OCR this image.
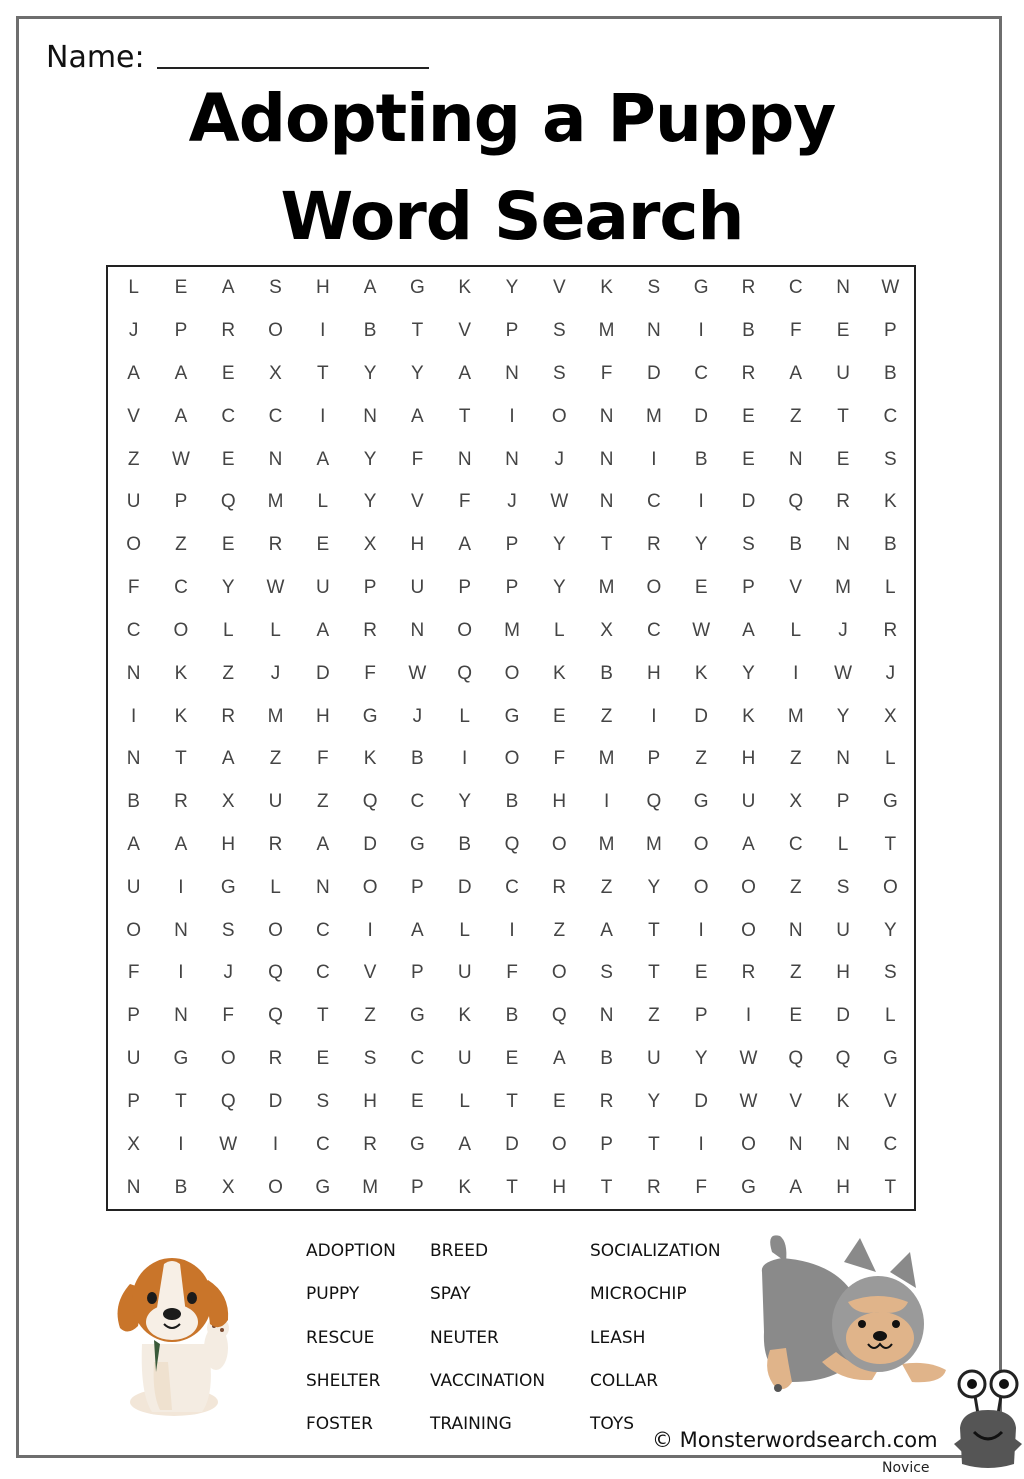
Name:
Adopting a Puppy
Word Search
L	E	A	S	H	A	G	K	Y	V	K	S	G	R	C	N	W
J	P	R	O	I	B	T	V	P	S	M	N	I	B	F	E	P
A	A	E	X	T	Y	Y	A	N	S	F	D	C	R	A	U	B
V	A	C	C	I	N	A	T	I	O	N	M	D	E	Z	T	C
Z	W	E	N	A	Y	F	N	N	J	N	I	B	E	N	E	S
U	P	Q	M	L	Y	V	F	J	W	N	C	I	D	Q	R	K
O	Z	E	R	E	X	H	A	P	Y	T	R	Y	S	B	N	B
F	C	Y	W	U	P	U	P	P	Y	M	O	E	P	V	M	L
C	O	L	L	A	R	N	O	M	L	X	C	W	A	L	J	R
N	K	Z	J	D	F	W	Q	O	K	B	H	K	Y	I	W	J
I	K	R	M	H	G	J	L	G	E	Z	I	D	K	M	Y	X
N	T	A	Z	F	K	B	I	O	F	M	P	Z	H	Z	N	L
B	R	X	U	Z	Q	C	Y	B	H	I	Q	G	U	X	P	G
A	A	H	R	A	D	G	B	Q	O	M	M	O	A	C	L	T
U	I	G	L	N	O	P	D	C	R	Z	Y	O	O	Z	S	O
O	N	S	O	C	I	A	L	I	Z	A	T	I	O	N	U	Y
F	I	J	Q	C	V	P	U	F	O	S	T	E	R	Z	H	S
P	N	F	Q	T	Z	G	K	B	Q	N	Z	P	I	E	D	L
U	G	O	R	E	S	C	U	E	A	B	U	Y	W	Q	Q	G
P	T	Q	D	S	H	E	L	T	E	R	Y	D	W	V	K	V
X	I	W	I	C	R	G	A	D	O	P	T	I	O	N	N	C
N	B	X	O	G	M	P	K	T	H	T	R	F	G	A	H	T
ADOPTION
PUPPY
RESCUE
SHELTER
FOSTER
BREED
SPAY
NEUTER
VACCINATION
TRAINING
SOCIALIZATION
MICROCHIP
LEASH
COLLAR
TOYS
© Monsterwordsearch.com
Novice
